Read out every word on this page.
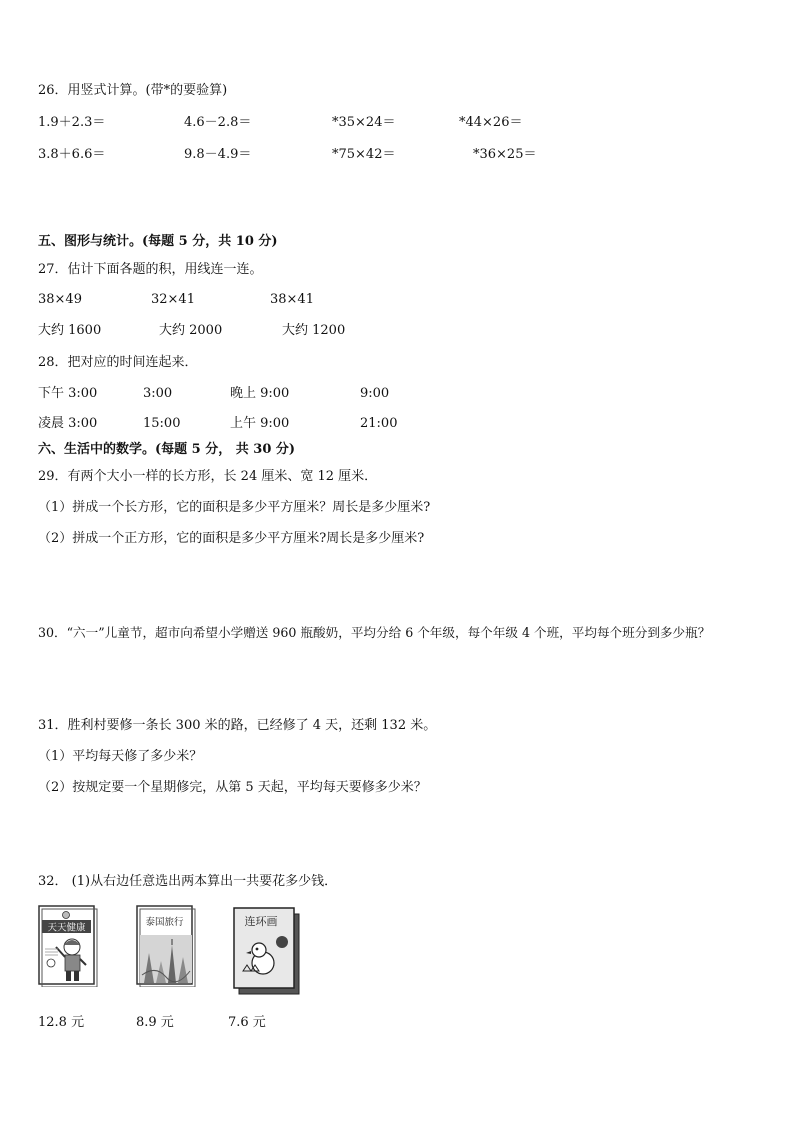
26．用竖式计算。(带*的要验算)
1.9＋2.3＝	4.6－2.8＝	*35×24＝	*44×26＝
3.8＋6.6＝	9.8－4.9＝	*75×42＝	*36×25＝
五、图形与统计。(每题 5 分，共 10 分)
27．估计下面各题的积，用线连一连。
38×49	32×41	38×41
大约 1600	大约 2000	大约 1200
28．把对应的时间连起来．
下午 3:00	3:00	晚上 9:00	9:00
凌晨 3:00	15:00	上午 9:00	21:00
六、生活中的数学。(每题 5 分， 共 30 分)
29．有两个大小一样的长方形，长 24 厘米、宽 12 厘米．
（1）拼成一个长方形，它的面积是多少平方厘米？周长是多少厘米?
（2）拼成一个正方形，它的面积是多少平方厘米?周长是多少厘米?
30．“六一”儿童节，超市向希望小学赠送 960 瓶酸奶，平均分给 6 个年级，每个年级 4 个班，平均每个班分到多少瓶？
31．胜利村要修一条长 300 米的路，已经修了 4 天，还剩 132 米。
（1）平均每天修了多少米？
（2）按规定要一个星期修完，从第 5 天起，平均每天要修多少米？
32． (1)从右边任意选出两本算出一共要花多少钱．
天天健康
12.8 元
泰国旅行
8.9 元
连环画
7.6 元
